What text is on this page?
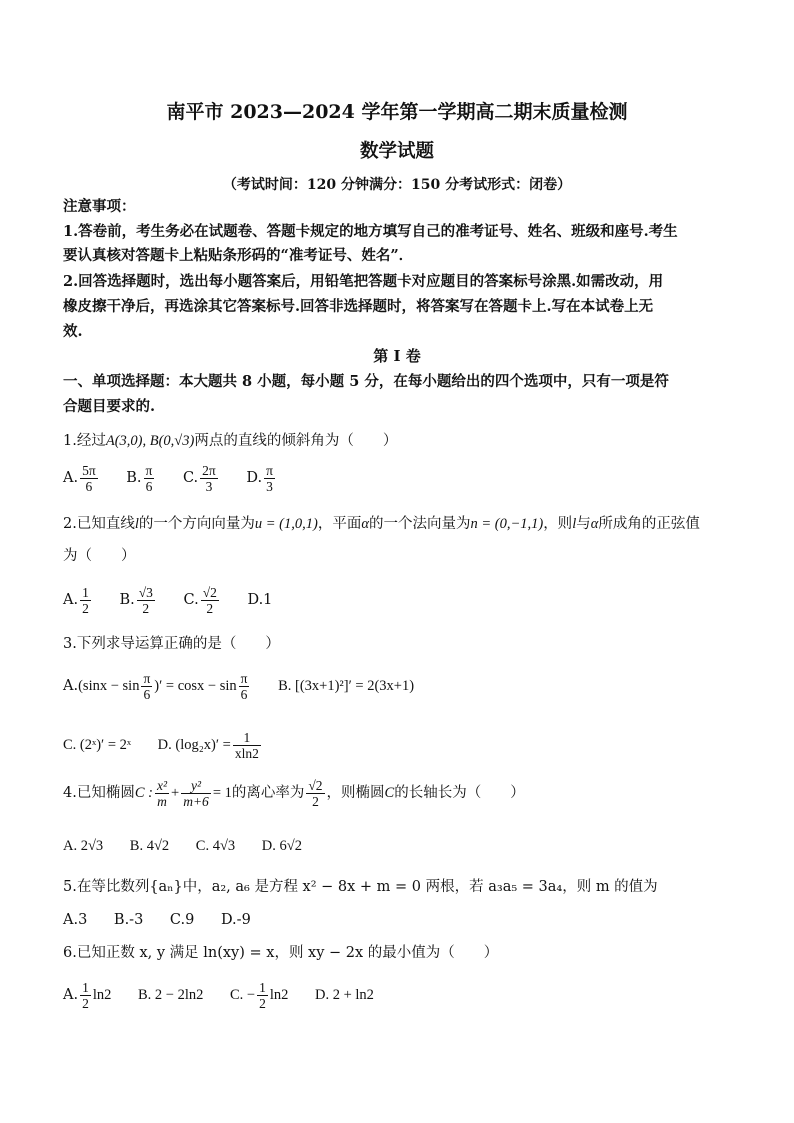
南平市 2023—2024 学年第一学期高二期末质量检测
数学试题
（考试时间：120 分钟满分：150 分考试形式：闭卷）
注意事项：
1.答卷前，考生务必在试题卷、答题卡规定的地方填写自己的准考证号、姓名、班级和座号.考生
要认真核对答题卡上粘贴条形码的“准考证号、姓名”．
2.回答选择题时，选出每小题答案后，用铅笔把答题卡对应题目的答案标号涂黑.如需改动，用
橡皮擦干净后，再选涂其它答案标号.回答非选择题时，将答案写在答题卡上.写在本试卷上无
效.
第 I 卷
一、单项选择题：本大题共 8 小题，每小题 5 分，在每小题给出的四个选项中，只有一项是符
合题目要求的.
1.经过A(3,0), B(0,√3)两点的直线的倾斜角为（　　）
A. $\frac{5\pi}{6} B$. $\frac{\pi}{6} C$. $\frac{2\pi}{3} D$. $\frac{\pi}{3}$
2.已知直线l的一个方向向量为u = (1,0,1)，平面α的一个法向量为n = (0,−1,1)，则l与α所成角的正弦值
为（　　）
A. $\frac{1}{2} B$. $\frac{√3}{2} C$. $\frac{√2}{2} D.1$
3.下列求导运算正确的是（　　）
$A.(\sin x - \sin \frac{\pi}{6}$ )′ = $\cos x - \sin \frac{\pi}{6} B$. [(3x+1)²]′ = 2(3x+1)
C. (2ˣ)′ = 2ˣ D. $(\log_2x)' = \frac{1}{xln2}$
4.已知椭圆C : $\frac{\text{x²}}{m} + \frac{\text{y²}}{m+6} = 1$的离心率为 $\frac{√2}{2}$ ，则椭圆C的长轴长为（　　）
A. 2√3 B. 4√2 C. 4√3 D. 6√2
5.在等比数列{aₙ}中，a₂, a₆ 是方程 x² − 8x + m = 0 两根，若 a₃a₅ = 3a₄，则 m 的值为
A.3 B.-3 C.9 D.-9
6.已知正数 x, y 满足 ln(xy) = x，则 xy − 2x 的最小值为（　　）
A. $\frac{1}{2} \ln 2$ B. 2 − 2ln2 C. − $\frac{1}{2} \ln 2$ D. 2 + ln2
